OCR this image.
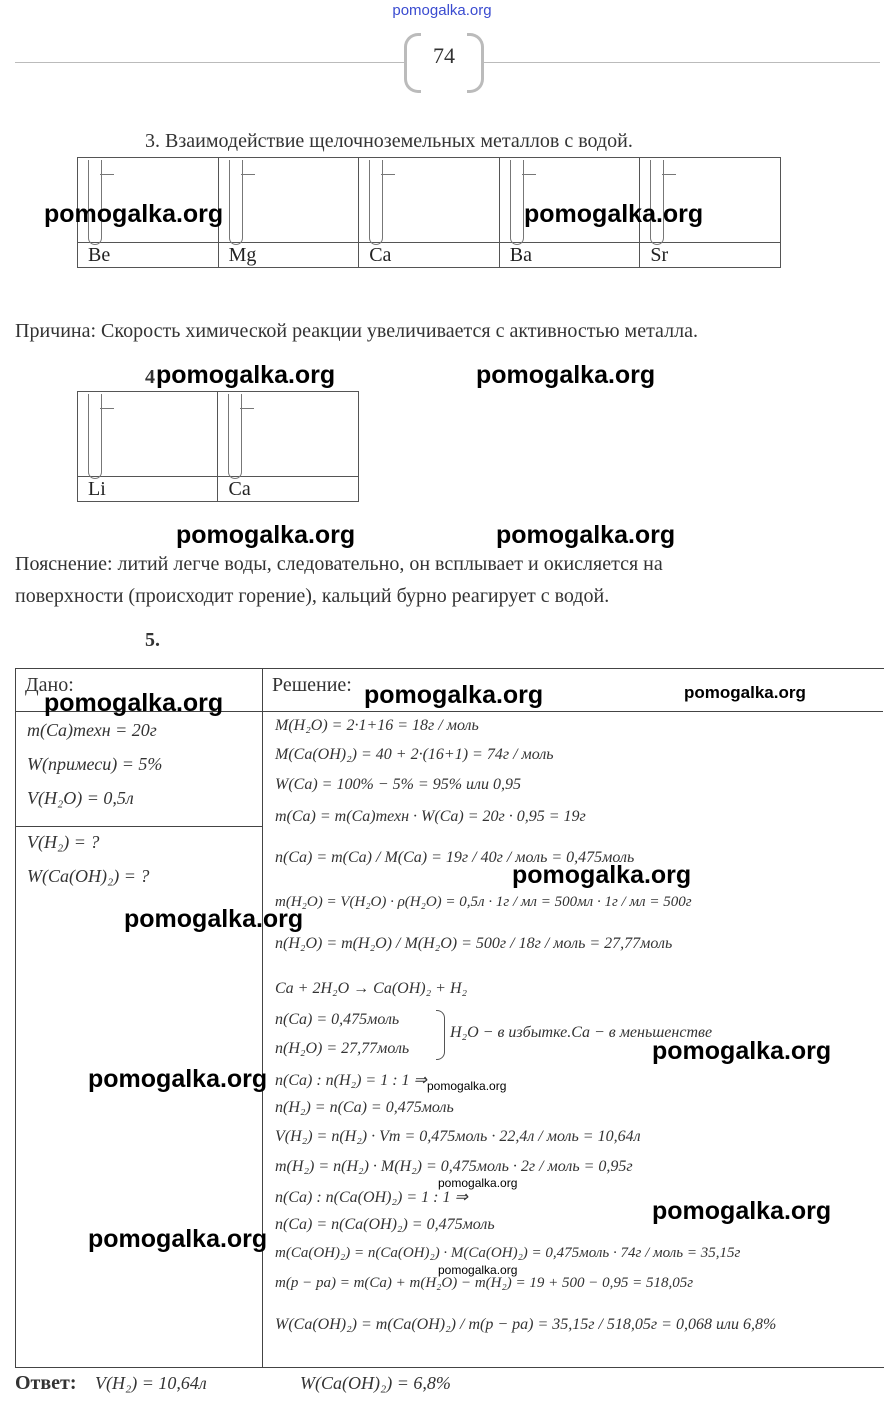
pomogalka.org
74
3. Взаимодействие щелочноземельных металлов с водой.

Be	Mg	Ca	Ba	Sr
pomogalka.org	pomogalka.org
Причина: Скорость химической реакции увеличивается с активностью металла.
4 pomogalka.org	pomogalka.org

Li	Ca
pomogalka.org	pomogalka.org
Пояснение: литий легче воды, следовательно, он всплывает и окисляется на
поверхности (происходит горение), кальций бурно реагирует с водой.
5.
Дано:	Решение:
pomogalka.org	pomogalka.org	pomogalka.org
m(Ca)техн = 20г
W(примеси) = 5%
V(H₂O) = 0,5л
V(H₂) = ?
W(Ca(OH)₂) = ?
M(H₂O) = 2·1+16 = 18г / моль
M(Ca(OH)₂) = 40 + 2·(16+1) = 74г / моль
W(Ca) = 100% − 5% = 95% или 0,95
m(Ca) = m(Ca)техн · W(Ca) = 20г · 0,95 = 19г
n(Ca) = m(Ca) / M(Ca) = 19г / 40г / моль = 0,475моль
m(H₂O) = V(H₂O) · ρ(H₂O) = 0,5л · 1г / мл = 500мл · 1г / мл = 500г
n(H₂O) = m(H₂O) / M(H₂O) = 500г / 18г / моль = 27,77моль
Ca + 2H₂O → Ca(OH)₂ + H₂
n(Ca) = 0,475моль
n(H₂O) = 27,77моль
H₂O − в избытке.Ca − в меньшенстве
n(Ca) : n(H₂) = 1 : 1 ⇒
n(H₂) = n(Ca) = 0,475моль
V(H₂) = n(H₂) · Vm = 0,475моль · 22,4л / моль = 10,64л
m(H₂) = n(H₂) · M(H₂) = 0,475моль · 2г / моль = 0,95г
n(Ca) : n(Ca(OH)₂) = 1 : 1 ⇒
n(Ca) = n(Ca(OH)₂) = 0,475моль
m(Ca(OH)₂) = n(Ca(OH)₂) · M(Ca(OH)₂) = 0,475моль · 74г / моль = 35,15г
m(р − ра) = m(Ca) + m(H₂O) − m(H₂) = 19 + 500 − 0,95 = 518,05г
W(Ca(OH)₂) = m(Ca(OH)₂) / m(р − ра) = 35,15г / 518,05г = 0,068 или 6,8%
pomogalka.org
pomogalka.org
pomogalka.org
pomogalka.org	pomogalka.org
pomogalka.org
pomogalka.org
pomogalka.org
pomogalka.org
Ответ: V(H₂) = 10,64л	W(Ca(OH)₂) = 6,8%
